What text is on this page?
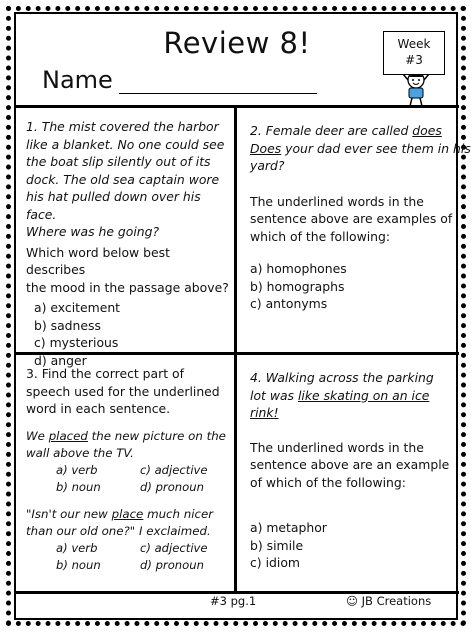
Review 8!
Name
Week
#3

1. The mist covered the harbor

like a blanket. No one could see

the boat slip silently out of its

dock. The old sea captain wore

his hat pulled down over his face.

Where was he going?

Which word below best describes

the mood in the passage above?

a) excitement
b) sadness
c) mysterious
d) anger

2. Female deer are called does

Does your dad ever see them in his

yard?

The underlined words in the

sentence above are examples of

which of the following:

a) homophones
b) homographs
c) antonyms

3. Find the correct part of

speech used for the underlined

word in each sentence.

We placed the new picture on the

wall above the TV.

a) verb	c) adjective
b) noun	d) pronoun

"Isn't our new place much nicer

than our old one?" I exclaimed.

a) verb	c) adjective
b) noun	d) pronoun

4. Walking across the parking

lot was like skating on an ice

rink!

The underlined words in the

sentence above are an example

of which of the following:

a) metaphor
b) simile
c) idiom
#3 pg.1	☺ JB Creations
